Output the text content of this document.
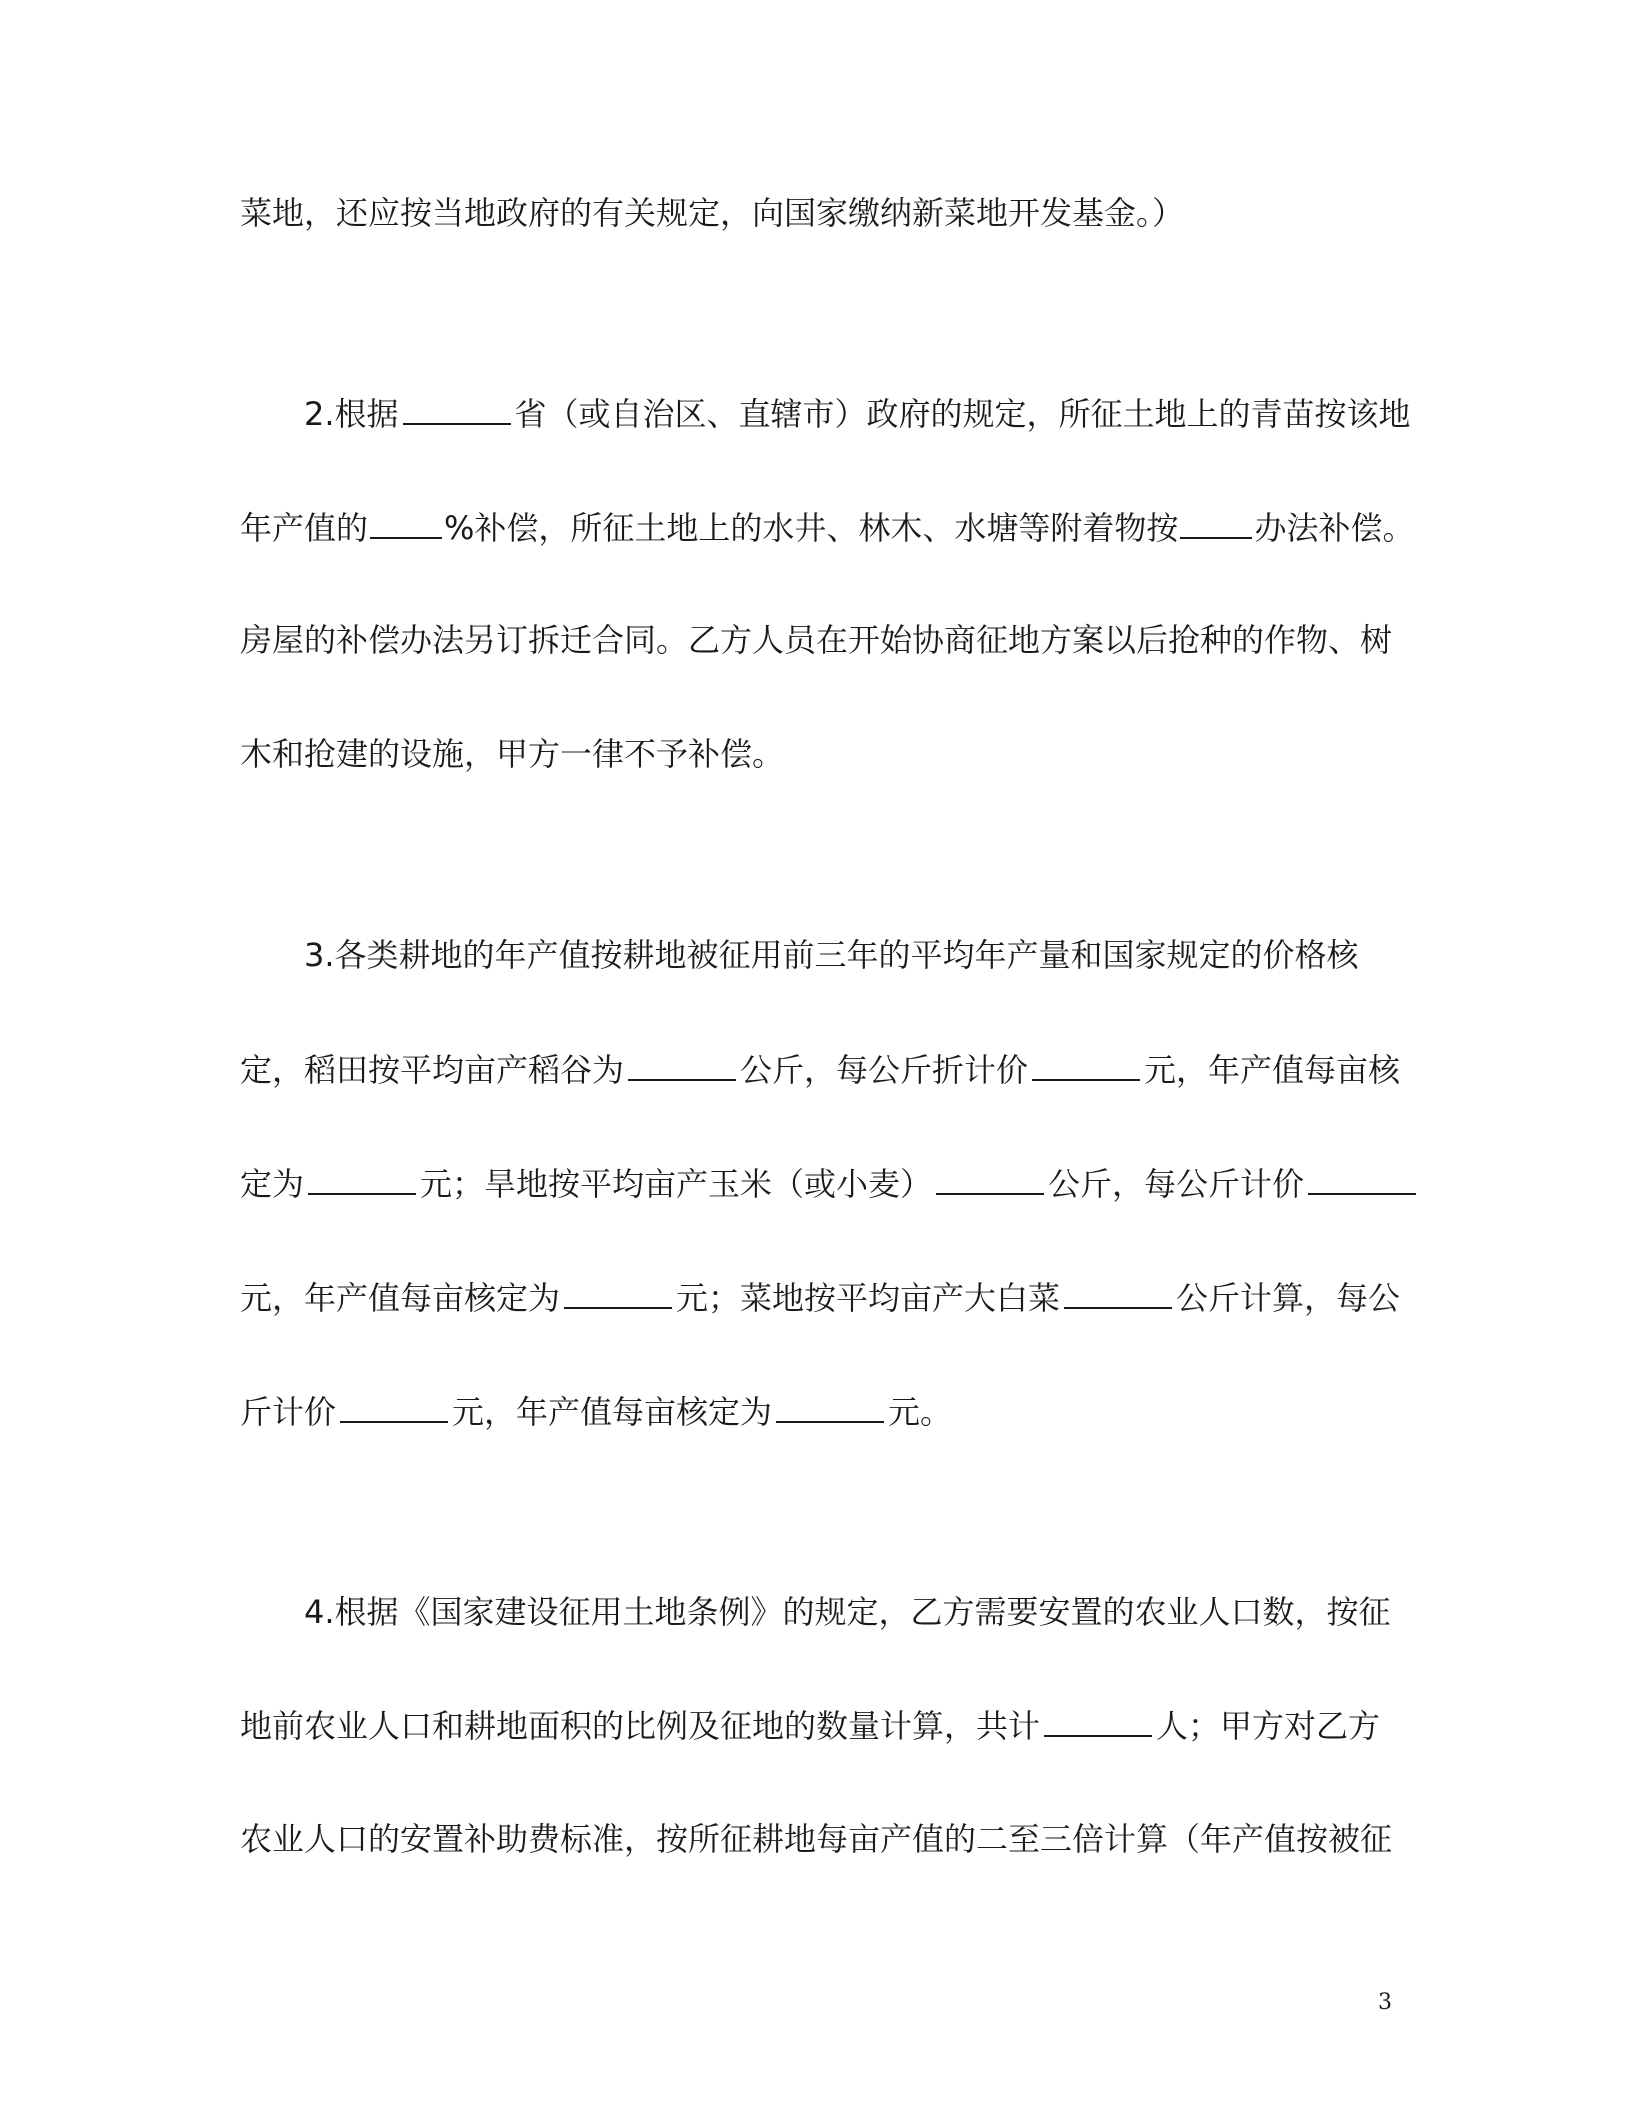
菜地，还应按当地政府的有关规定，向国家缴纳新菜地开发基金。）
2.根据	省（或自治区、直辖市）政府的规定，所征土地上的青苗按该地
年产值的 %补偿，所征土地上的水井、林木、水塘等附着物按 办法补偿。
房屋的补偿办法另订拆迁合同。乙方人员在开始协商征地方案以后抢种的作物、树
木和抢建的设施，甲方一律不予补偿。
3.各类耕地的年产值按耕地被征用前三年的平均年产量和国家规定的价格核
定，稻田按平均亩产稻谷为	公斤，每公斤折计价	元，年产值每亩核
定为	元；旱地按平均亩产玉米（或小麦）	公斤，每公斤计价
元，年产值每亩核定为	元；菜地按平均亩产大白菜	公斤计算，每公
斤计价	元，年产值每亩核定为	元。
4.根据《国家建设征用土地条例》的规定，乙方需要安置的农业人口数，按征
地前农业人口和耕地面积的比例及征地的数量计算，共计	人；甲方对乙方
农业人口的安置补助费标准，按所征耕地每亩产值的二至三倍计算（年产值按被征
3
